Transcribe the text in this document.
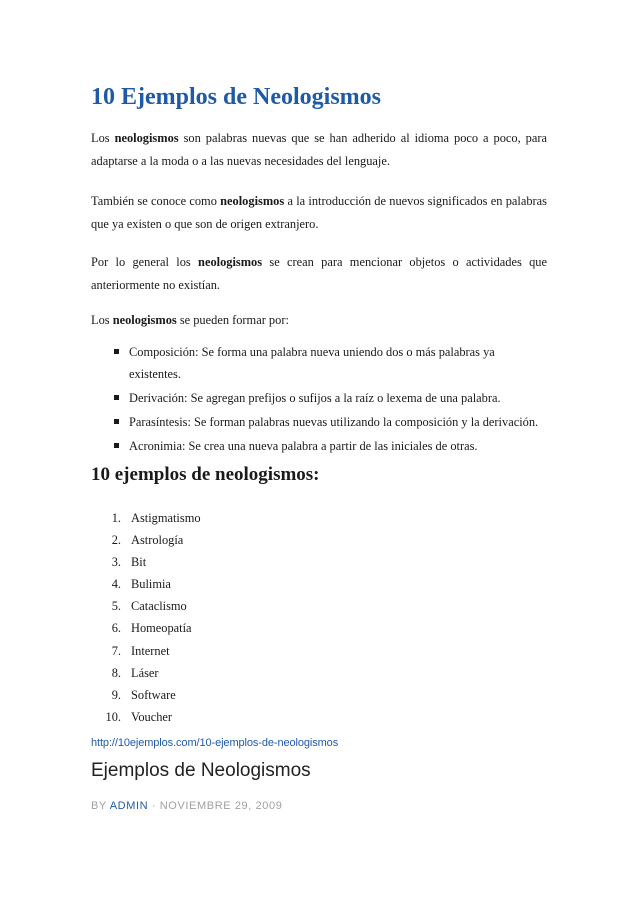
10 Ejemplos de Neologismos

Los neologismos son palabras nuevas que se han adherido al idioma poco a poco, para adaptarse a la moda o a las nuevas necesidades del lenguaje.

También se conoce como neologismos a la introducción de nuevos significados en palabras que ya existen o que son de origen extranjero.

Por lo general los neologismos se crean para mencionar objetos o actividades que anteriormente no existían.

Los neologismos se pueden formar por:

Composición: Se forma una palabra nueva uniendo dos o más palabras ya existentes.
Derivación: Se agregan prefijos o sufijos a la raíz o lexema de una palabra.
Parasíntesis: Se forman palabras nuevas utilizando la composición y la derivación.
Acronimia: Se crea una nueva palabra a partir de las iniciales de otras.
10 ejemplos de neologismos:
1. Astigmatismo
2. Astrología
3. Bit
4. Bulimia
5. Cataclismo
6. Homeopatía
7. Internet
8. Láser
9. Software
10. Voucher
http://10ejemplos.com/10-ejemplos-de-neologismos
Ejemplos de Neologismos
BY ADMIN · NOVIEMBRE 29, 2009
